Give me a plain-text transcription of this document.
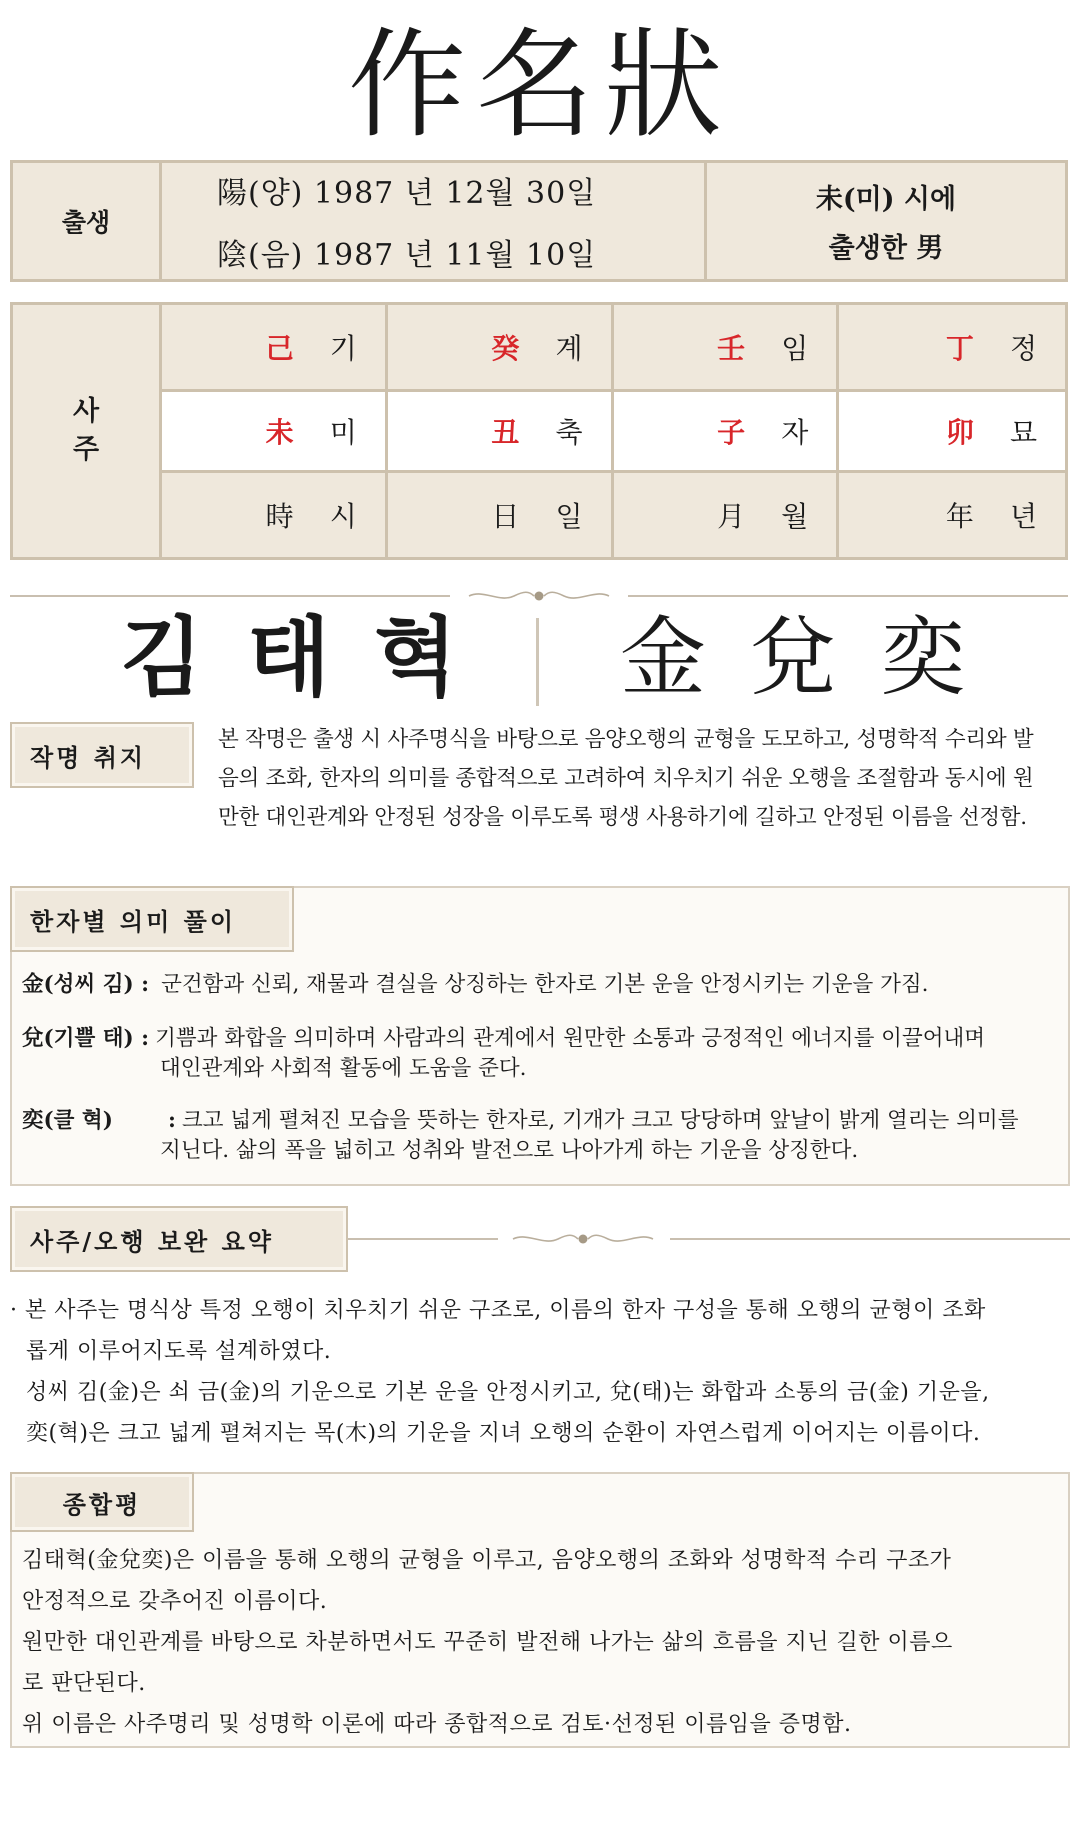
作名狀
출생
陽(양) 1987 년 12월 30일
陰(음) 1987 년 11월 10일
未(미) 시에
출생한 男
사
주
己 기	癸 계	壬 임	丁 정
未 미	丑 축	子 자	卯 묘
時 시	日 일	月 월	年 년
김태혁 金兌奕
작명 취지
본 작명은 출생 시 사주명식을 바탕으로 음양오행의 균형을 도모하고, 성명학적 수리와 발
음의 조화, 한자의 의미를 종합적으로 고려하여 치우치기 쉬운 오행을 조절함과 동시에 원
만한 대인관계와 안정된 성장을 이루도록 평생 사용하기에 길하고 안정된 이름을 선정함.
한자별 의미 풀이
金(성씨 김) : 군건함과 신뢰, 재물과 결실을 상징하는 한자로 기본 운을 안정시키는 기운을 가짐.
兌(기쁠 태) : 기쁨과 화합을 의미하며 사람과의 관계에서 원만한 소통과 긍정적인 에너지를 이끌어내며
대인관계와 사회적 활동에 도움을 준다.
奕(클 혁)	: 크고 넓게 펼쳐진 모습을 뜻하는 한자로, 기개가 크고 당당하며 앞날이 밝게 열리는 의미를
지닌다. 삶의 폭을 넓히고 성취와 발전으로 나아가게 하는 기운을 상징한다.
사주/오행 보완 요약
· 본 사주는 명식상 특정 오행이 치우치기 쉬운 구조로, 이름의 한자 구성을 통해 오행의 균형이 조화
롭게 이루어지도록 설계하였다.
성씨 김(金)은 쇠 금(金)의 기운으로 기본 운을 안정시키고, 兌(태)는 화합과 소통의 금(金) 기운을,
奕(혁)은 크고 넓게 펼쳐지는 목(木)의 기운을 지녀 오행의 순환이 자연스럽게 이어지는 이름이다.
종합평
김태혁(金兌奕)은 이름을 통해 오행의 균형을 이루고, 음양오행의 조화와 성명학적 수리 구조가
안정적으로 갖추어진 이름이다.
원만한 대인관계를 바탕으로 차분하면서도 꾸준히 발전해 나가는 삶의 흐름을 지닌 길한 이름으
로 판단된다.
위 이름은 사주명리 및 성명학 이론에 따라 종합적으로 검토·선정된 이름임을 증명함.
